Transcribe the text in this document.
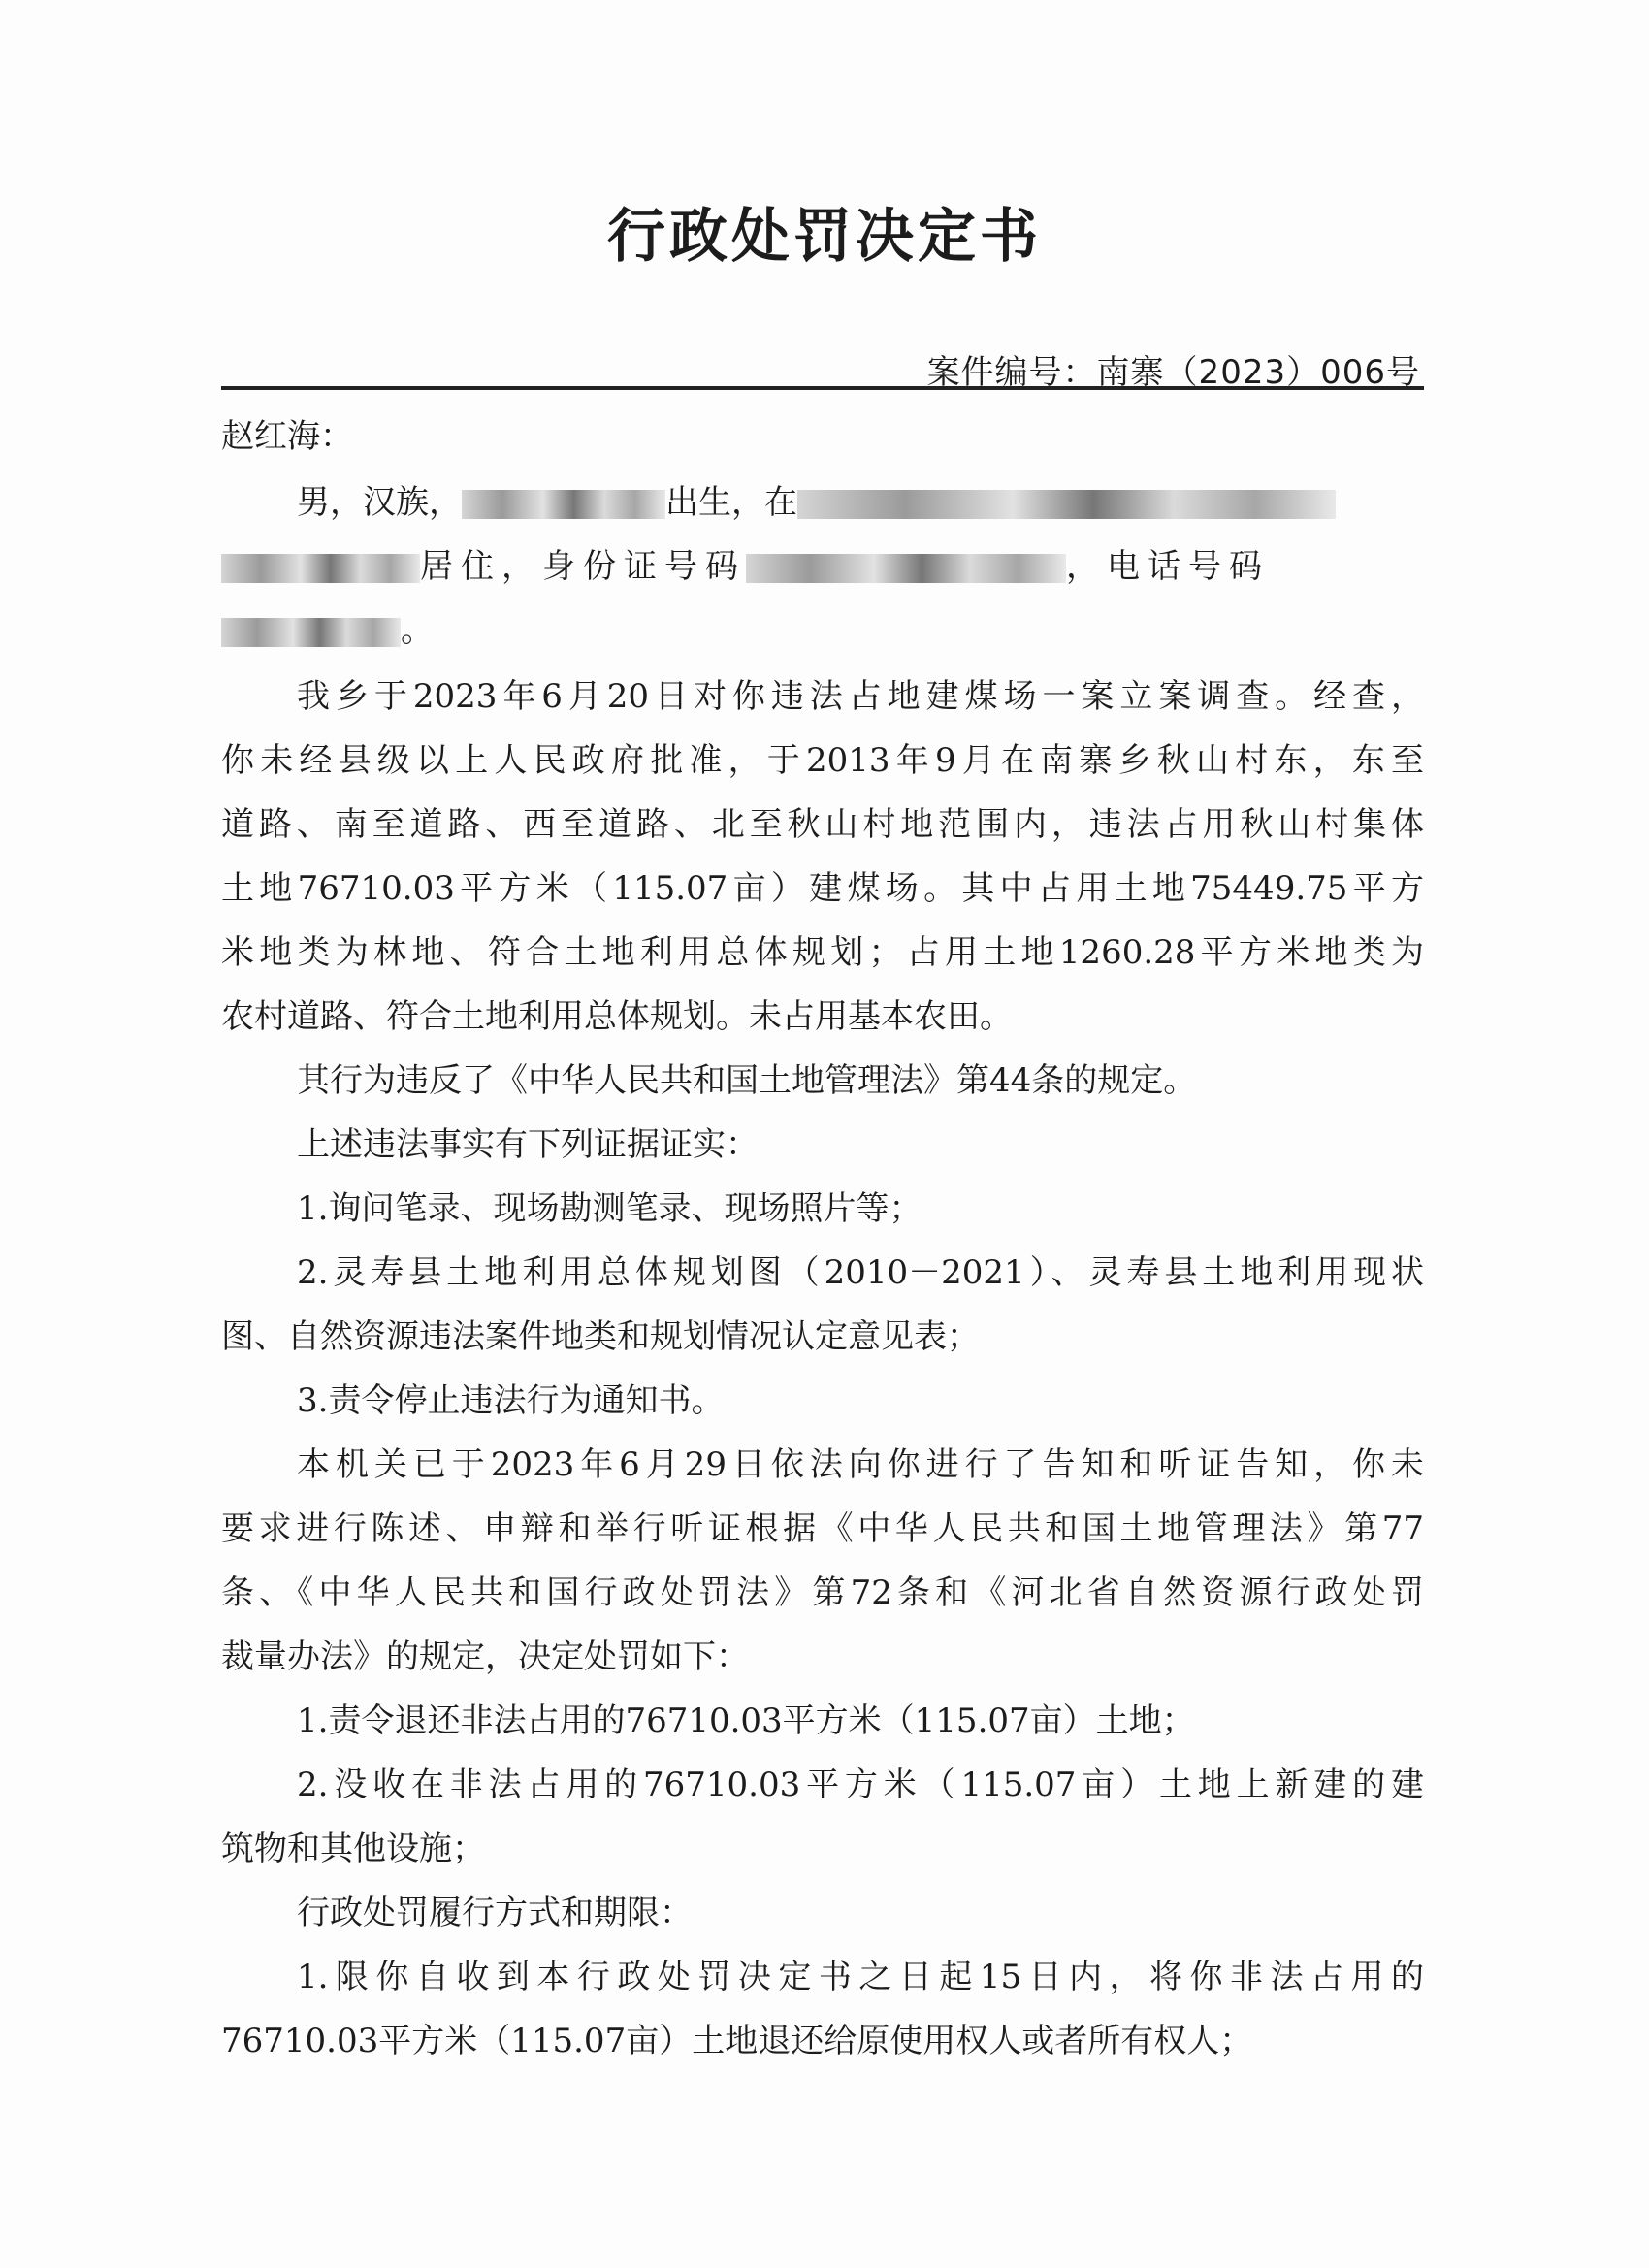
行政处罚决定书
案件编号：南寨（2023）006号
赵红海：
男，汉族，	出生，在
居住，身份证号码	，电话号码
。
我乡于2023年6月20日对你违法占地建煤场一案立案调查。经查，
你未经县级以上人民政府批准，于2013年9月在南寨乡秋山村东，东至
道路、南至道路、西至道路、北至秋山村地范围内，违法占用秋山村集体
土地76710.03平方米（115.07亩）建煤场。其中占用土地75449.75平方
米地类为林地、符合土地利用总体规划；占用土地1260.28平方米地类为
农村道路、符合土地利用总体规划。未占用基本农田。
其行为违反了《中华人民共和国土地管理法》第44条的规定。
上述违法事实有下列证据证实：
1.询问笔录、现场勘测笔录、现场照片等；
2.灵寿县土地利用总体规划图（2010－2021）、灵寿县土地利用现状
图、自然资源违法案件地类和规划情况认定意见表；
3.责令停止违法行为通知书。
本机关已于2023年6月29日依法向你进行了告知和听证告知，你未
要求进行陈述、申辩和举行听证根据《中华人民共和国土地管理法》第77
条、《中华人民共和国行政处罚法》第72条和《河北省自然资源行政处罚
裁量办法》的规定，决定处罚如下：
1.责令退还非法占用的76710.03平方米（115.07亩）土地；
2.没收在非法占用的76710.03平方米（115.07亩）土地上新建的建
筑物和其他设施；
行政处罚履行方式和期限：
1.限你自收到本行政处罚决定书之日起15日内，将你非法占用的
76710.03平方米（115.07亩）土地退还给原使用权人或者所有权人；
